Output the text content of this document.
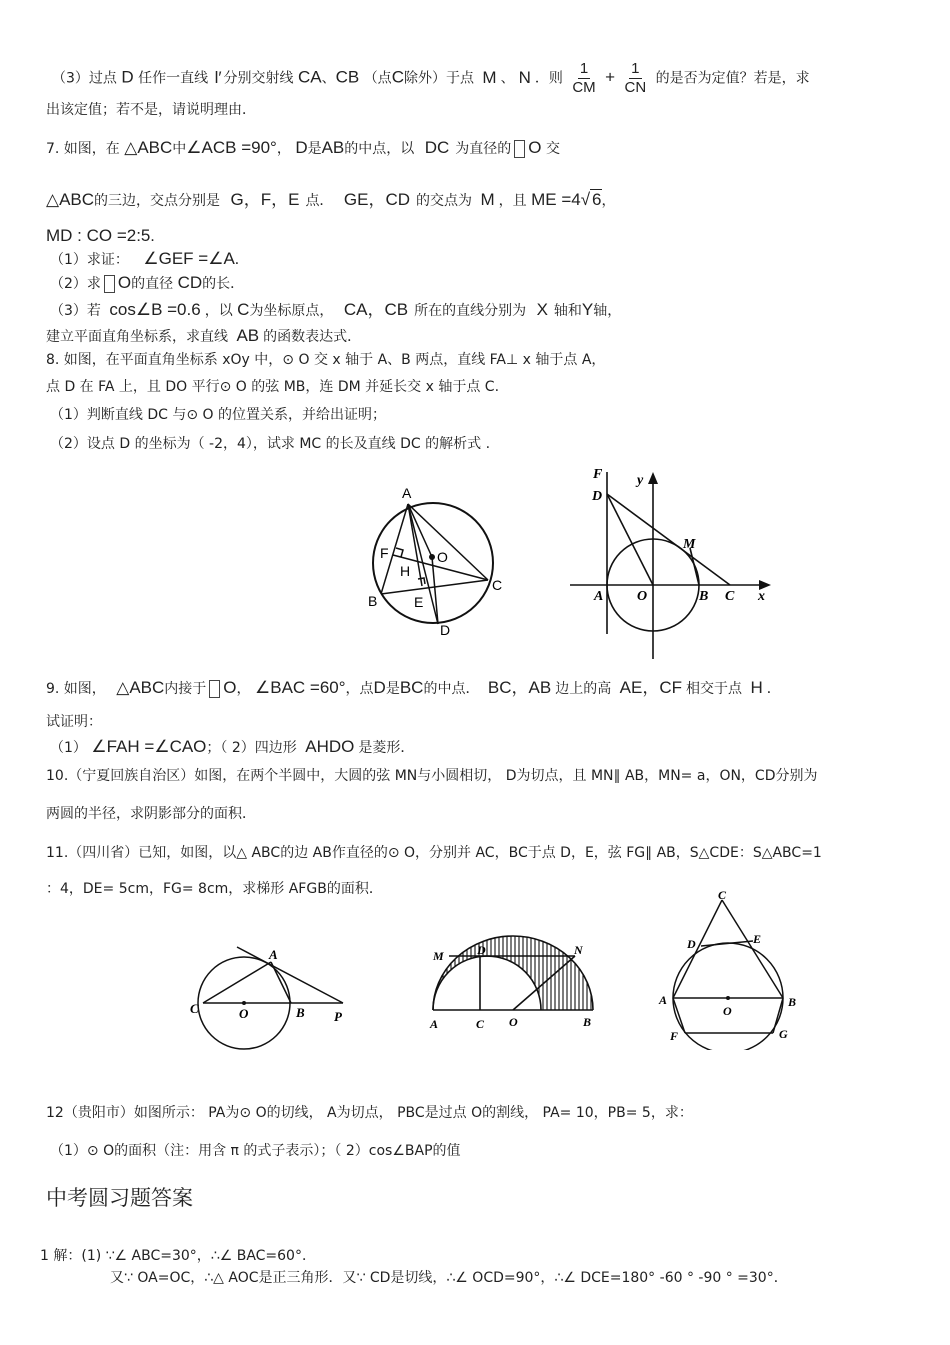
（3）过点 D 任作一直线 l′ 分别交射线 CA、CB （点C除外）于点 M 、 N ．则 $\frac{1}{CM} + \frac{1}{CN}$ 的是否为定值？若是，求
出该定值；若不是，请说明理由．
7. 如图，在 △ABC中∠ACB =90°， D是AB的中点，以 DC 为直径的 O 交
△ABC的三边，交点分别是 G，F，E 点． GE，CD 的交点为 M ，且 ME =4√ 6，
MD : CO =2:5．
（1）求证： ∠GEF =∠A．
（2）求 O的直径 CD的长．
（3）若 cos∠B =0.6 ，以 C为坐标原点， CA，CB 所在的直线分别为 X 轴和Y轴，
建立平面直角坐标系，求直线 AB 的函数表达式．
8. 如图，在平面直角坐标系 xOy 中，⊙ O 交 x 轴于 A、B 两点，直线 FA⊥ x 轴于点 A，
点 D 在 FA 上，且 DO 平行⊙ O 的弦 MB，连 DM 并延长交 x 轴于点 C.
（1）判断直线 DC 与⊙ O 的位置关系，并给出证明；
（2）设点 D 的坐标为（ -2，4），试求 MC 的长及直线 DC 的解析式 .
A
F	O
H
C
B	E
D
F
D
y
M
A O	B C x
9. 如图， △ABC内接于 O， ∠BAC =60°，点D是BC的中点． BC，AB 边上的高 AE，CF 相交于点 H ．
试证明：
（1） ∠FAH =∠CAO；（ 2）四边形 AHDO 是菱形．
10.（宁夏回族自治区）如图，在两个半圆中，大圆的弦 MN与小圆相切， D为切点，且 MN∥ AB，MN= a，ON，CD分别为
两圆的半径，求阴影部分的面积．
11.（四川省）已知，如图，以△ ABC的边 AB作直径的⊙ O，分别并 AC，BC于点 D，E，弦 FG∥ AB，S△CDE：S△ABC=1
：4，DE= 5cm，FG= 8cm，求梯形 AFGB的面积．
A
C	O	B P
M	D	N
A	C O	B
C
D	E
A
O
B
F	G
12（贵阳市）如图所示： PA为⊙ O的切线， A为切点， PBC是过点 O的割线， PA= 10，PB= 5，求：
（1）⊙ O的面积（注：用含 π 的式子表示）；（ 2）cos∠BAP的值
中考圆习题答案
1 解：(1) ∵∠ ABC=30°，∴∠ BAC=60°．
又∵ OA=OC，∴△ AOC是正三角形．又∵ CD是切线，∴∠ OCD=90°，∴∠ DCE=180° -60 ° -90 ° =30°．
